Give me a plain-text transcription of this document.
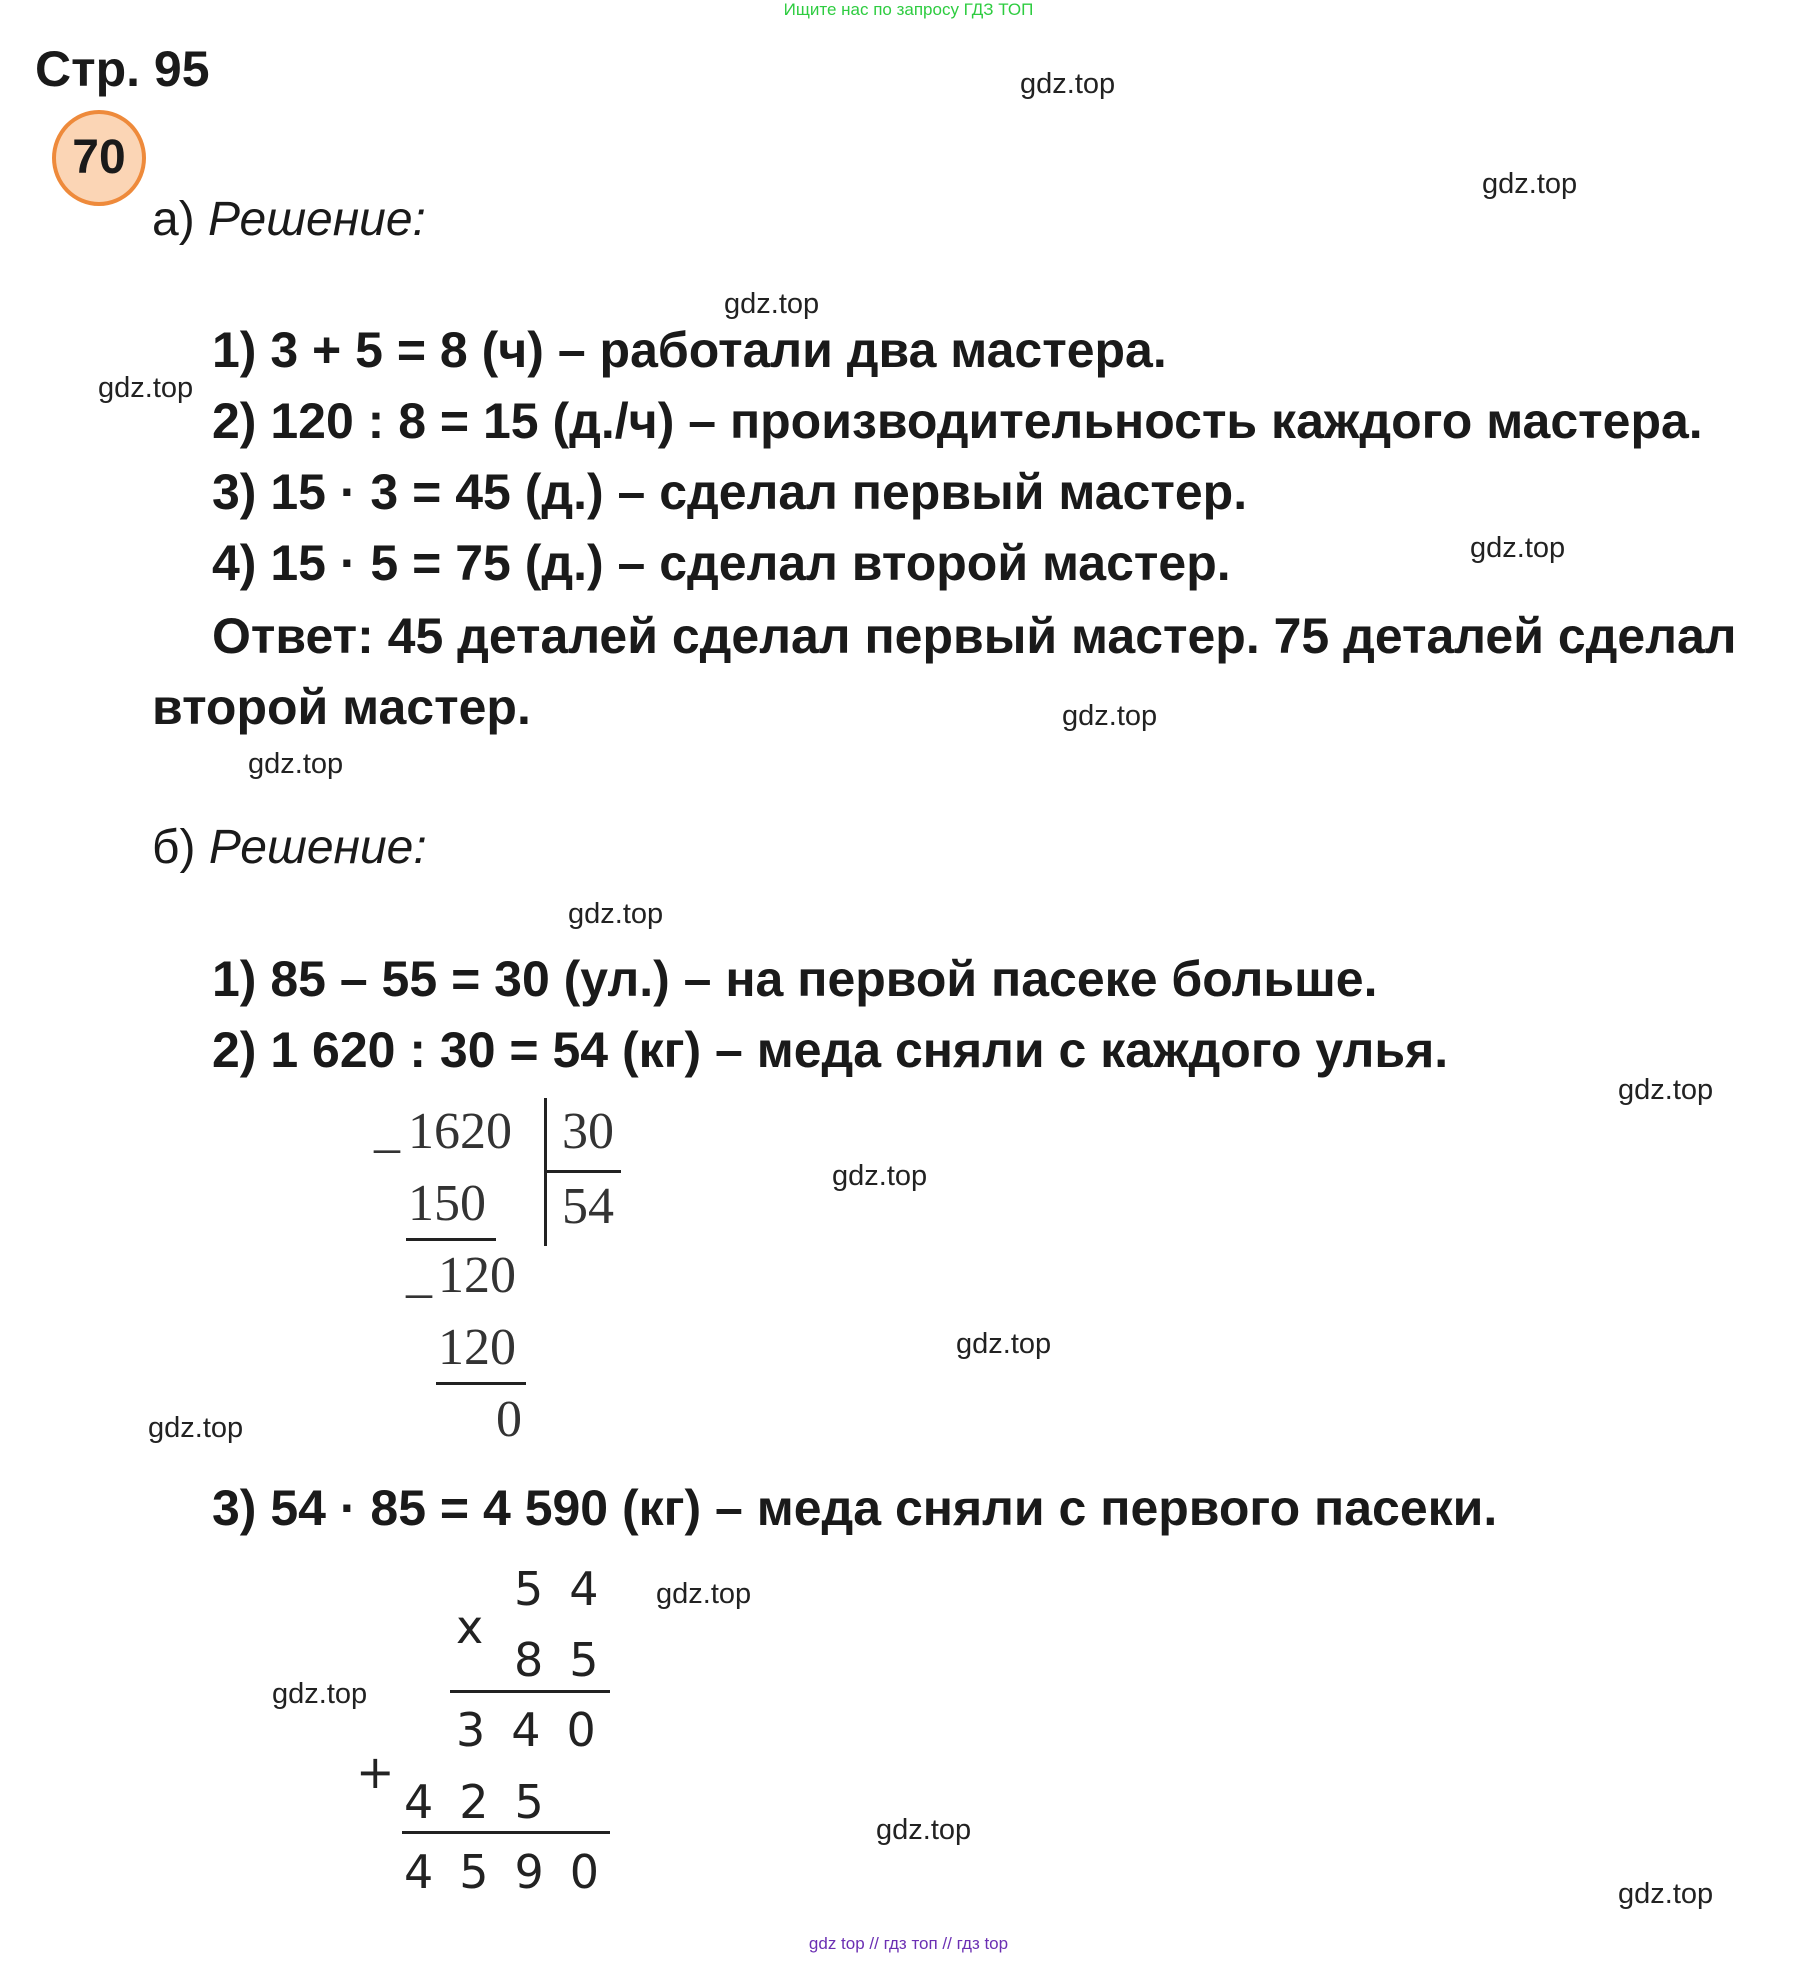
Ищите нас по запросу ГДЗ ТОП
Стр. 95
70
а) Решение:
1) 3 + 5 = 8 (ч) – работали два мастера.
2) 120 : 8 = 15 (д./ч) – производительность каждого мастера.
3) 15 · 3 = 45 (д.) – сделал первый мастер.
4) 15 · 5 = 75 (д.) – сделал второй мастер.
Ответ: 45 деталей сделал первый мастер. 75 деталей сделал
второй мастер.
б) Решение:
1) 85 – 55 = 30 (ул.) – на первой пасеке больше.
2) 1 620 : 30 = 54 (кг) – меда сняли с каждого улья.
– 1620 30
150 54
– 120
120
0
3) 54 · 85 = 4 590 (кг) – меда сняли с первого пасеки.
54
x
85
340
+
425
4590
gdz.top
gdz.top
gdz.top
gdz.top
gdz.top
gdz.top
gdz.top
gdz.top
gdz.top
gdz.top
gdz.top
gdz.top
gdz.top
gdz.top
gdz.top
gdz.top
gdz top // гдз топ // гдз top
